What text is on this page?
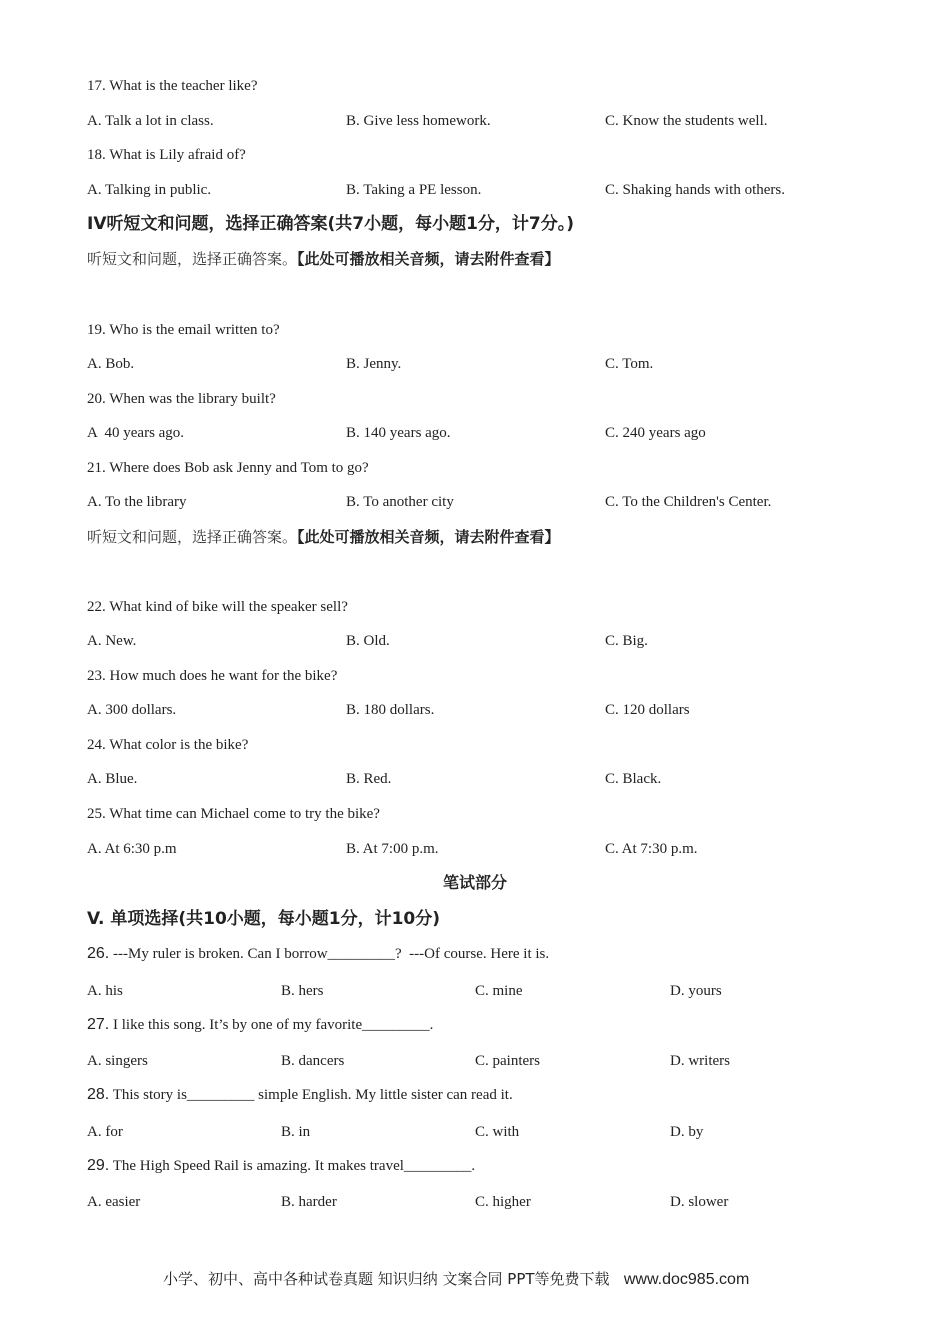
17. What is the teacher like?
A. Talk a lot in class.	B. Give less homework.	C. Know the students well.
18. What is Lily afraid of?
A. Talking in public.	B. Taking a PE lesson.	C. Shaking hands with others.
IV听短文和问题，选择正确答案(共7小题，每小题1分，计7分。)
听短文和问题，选择正确答案。【此处可播放相关音频，请去附件查看】
19. Who is the email written to?
A. Bob.	B. Jenny.	C. Tom.
20. When was the library built?
A  40 years ago.	B. 140 years ago.	C. 240 years ago
21. Where does Bob ask Jenny and Tom to go?
A. To the library	B. To another city	C. To the Children's Center.
听短文和问题，选择正确答案。【此处可播放相关音频，请去附件查看】
22. What kind of bike will the speaker sell?
A. New.	B. Old.	C. Big.
23. How much does he want for the bike?
A. 300 dollars.	B. 180 dollars.	C. 120 dollars
24. What color is the bike?
A. Blue.	B. Red.	C. Black.
25. What time can Michael come to try the bike?
A. At 6:30 p.m	B. At 7:00 p.m.	C. At 7:30 p.m.
笔试部分
V. 单项选择(共10小题，每小题1分，计10分)
26. ---My ruler is broken. Can I borrow_________?  ---Of course. Here it is.
A. his	B. hers	C. mine	D. yours
27. I like this song. It’s by one of my favorite_________.
A. singers	B. dancers	C. painters	D. writers
28. This story is_________ simple English. My little sister can read it.
A. for	B. in	C. with	D. by
29. The High Speed Rail is amazing. It makes travel_________.
A. easier	B. harder	C. higher	D. slower
小学、初中、高中各种试卷真题 知识归纳 文案合同 PPT等免费下载   www.doc985.com
